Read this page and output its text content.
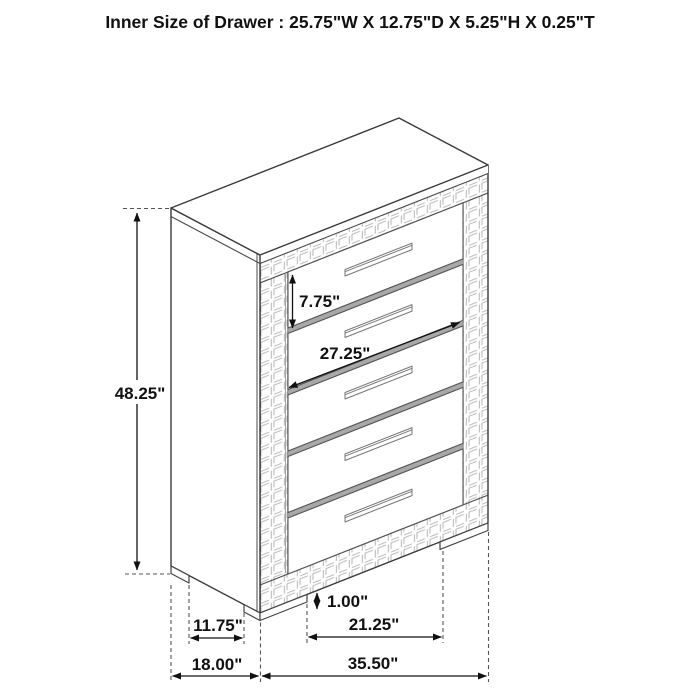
Inner Size of Drawer : 25.75"W X 12.75"D X 5.25"H X 0.25"T
48.25"
7.75"
27.25"
1.00"
11.75"	21.25"
18.00"	35.50"
